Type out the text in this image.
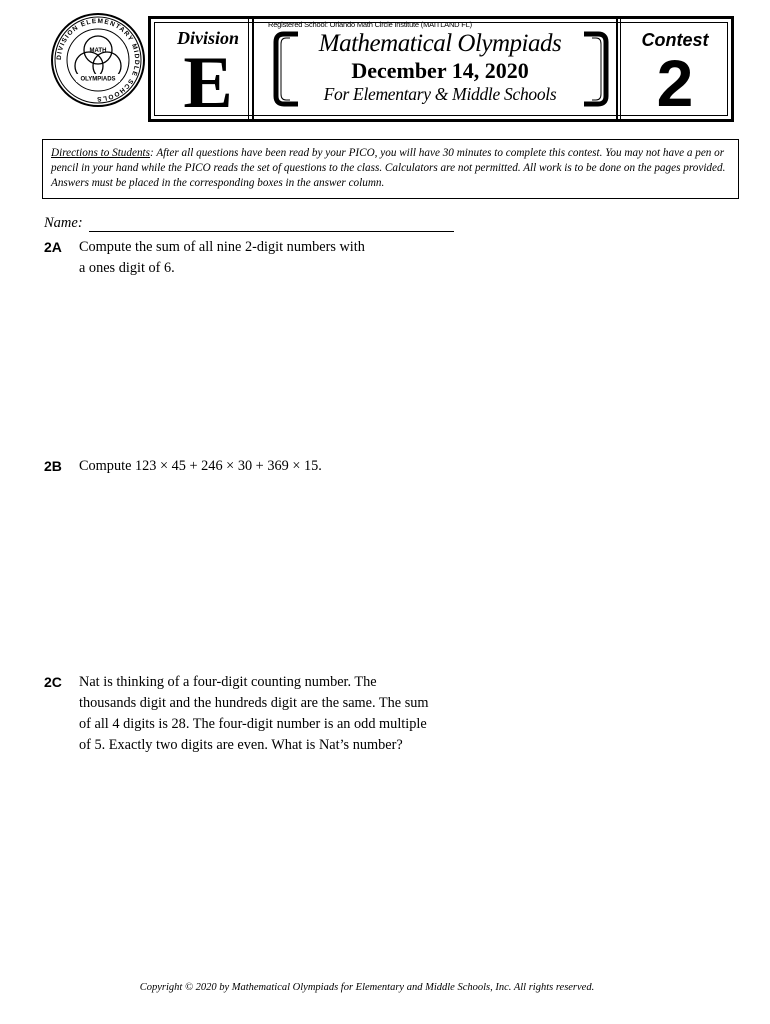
DIVISION ELEMENTARY MIDDLE SCHOOLS
MATH
OLYMPIADS
Division
E
Registered School: Orlando Math Circle Institute (MAITLAND FL)
Mathematical Olympiads
December 14, 2020
For Elementary & Middle Schools
Contest
2
Directions to Students: After all questions have been read by your PICO, you will have 30 minutes to complete this contest. You may not have a pen or pencil in your hand while the PICO reads the set of questions to the class. Calculators are not permitted. All work is to be done on the pages provided. Answers must be placed in the corresponding boxes in the answer column.
Name:
2A	Compute the sum of all nine 2-digit numbers with
a ones digit of 6.
2B	Compute 123 × 45 + 246 × 30 + 369 × 15.
2C	Nat is thinking of a four-digit counting number. The
thousands digit and the hundreds digit are the same. The sum
of all 4 digits is 28. The four-digit number is an odd multiple
of 5. Exactly two digits are even. What is Nat’s number?
Copyright © 2020 by Mathematical Olympiads for Elementary and Middle Schools, Inc. All rights reserved.
